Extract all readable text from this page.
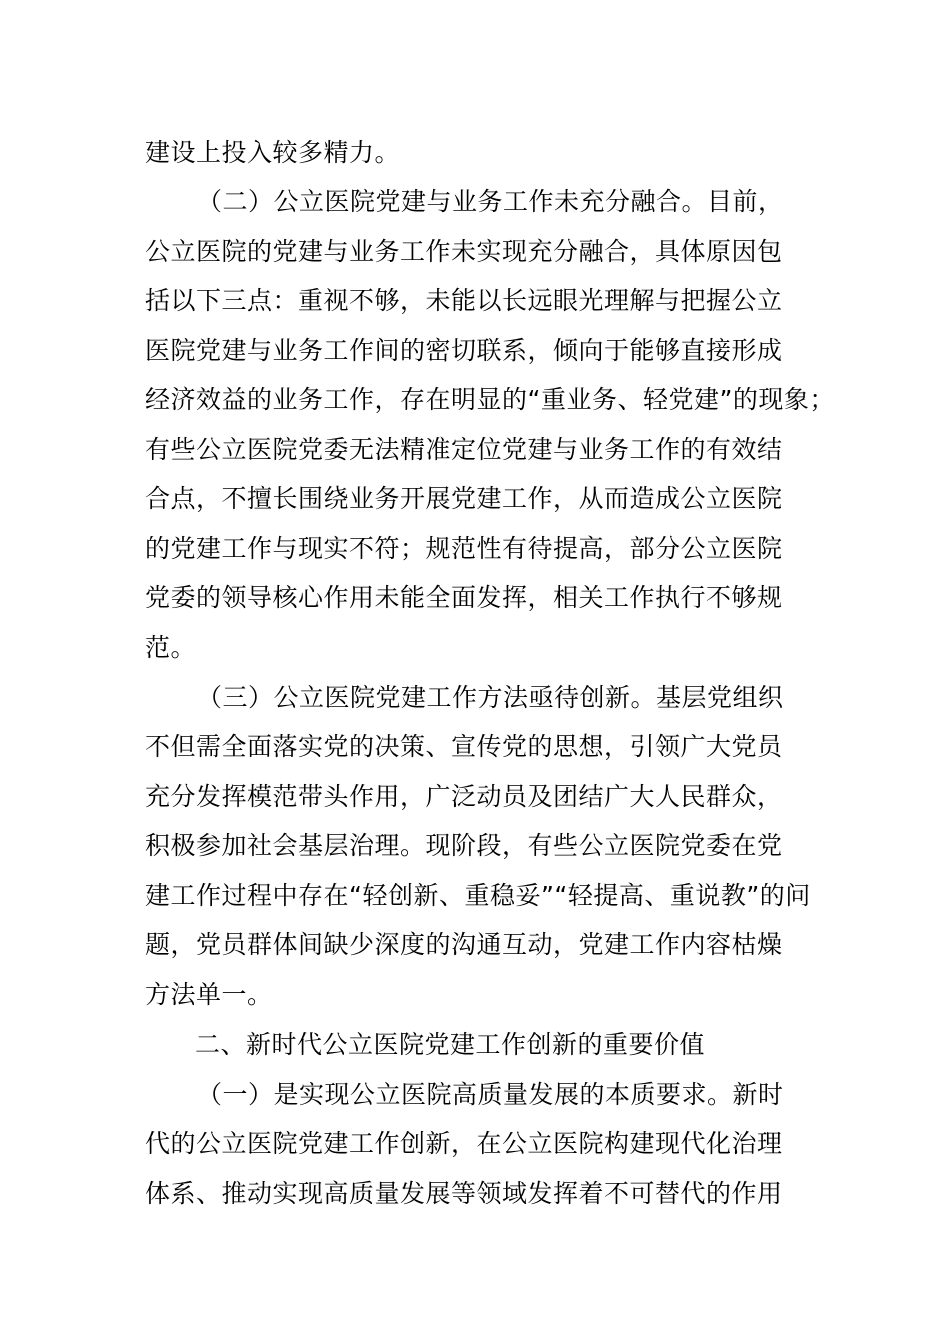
建设上投入较多精力。
（二）公立医院党建与业务工作未充分融合。目前，
公立医院的党建与业务工作未实现充分融合，具体原因包
括以下三点：重视不够，未能以长远眼光理解与把握公立
医院党建与业务工作间的密切联系，倾向于能够直接形成
经济效益的业务工作，存在明显的“重业务、轻党建”的现象；
有些公立医院党委无法精准定位党建与业务工作的有效结
合点，不擅长围绕业务开展党建工作，从而造成公立医院
的党建工作与现实不符；规范性有待提高，部分公立医院
党委的领导核心作用未能全面发挥，相关工作执行不够规
范。
（三）公立医院党建工作方法亟待创新。基层党组织
不但需全面落实党的决策、宣传党的思想，引领广大党员
充分发挥模范带头作用，广泛动员及团结广大人民群众，
积极参加社会基层治理。现阶段，有些公立医院党委在党
建工作过程中存在“轻创新、重稳妥”“轻提高、重说教”的问
题，党员群体间缺少深度的沟通互动，党建工作内容枯燥
方法单一。
二、新时代公立医院党建工作创新的重要价值
（一）是实现公立医院高质量发展的本质要求。新时
代的公立医院党建工作创新，在公立医院构建现代化治理
体系、推动实现高质量发展等领域发挥着不可替代的作用
